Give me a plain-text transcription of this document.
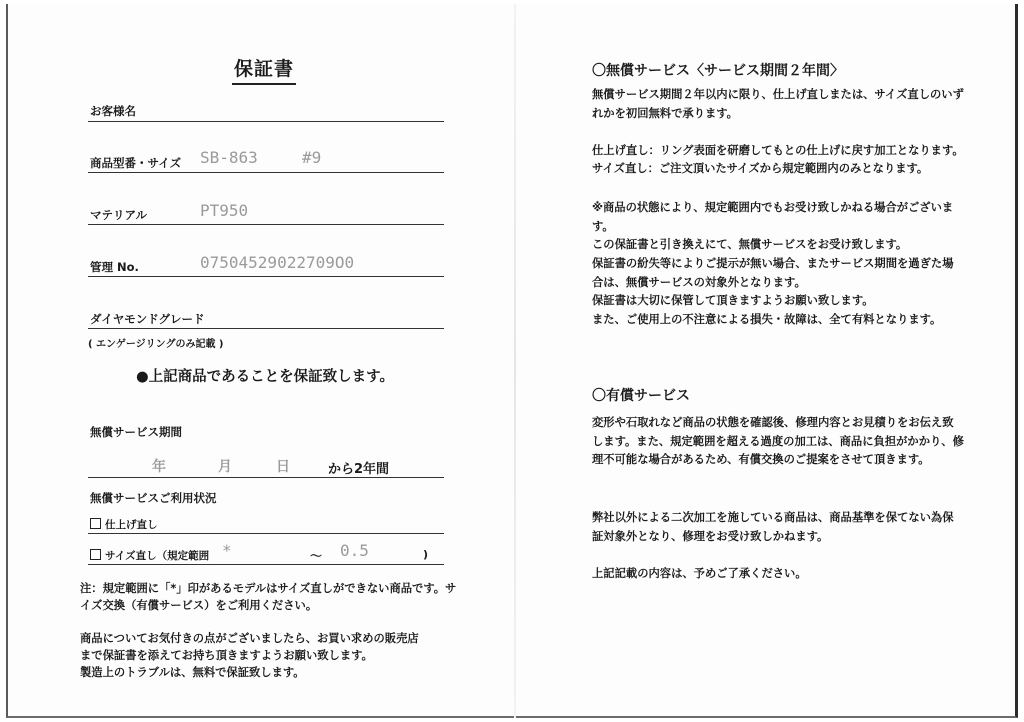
保証書
お客様名
商品型番・サイズ SB-863	#9
マテリアル	PT950
管理 No.	07504529022709O0
ダイヤモンドグレード
( エンゲージリングのみ記載 )
●上記商品であることを保証致します。
無償サービス期間
年	月	日	から2年間
無償サービスご利用状況
仕上げ直し
サイズ直し（規定範囲 *	〜 0.5	)
注：規定範囲に「*」印があるモデルはサイズ直しができない商品です。サイズ交換（有償サービス）をご利用ください。
商品についてお気付きの点がございましたら、お買い求めの販売店
まで保証書を添えてお持ち頂きますようお願い致します。
製造上のトラブルは、無料で保証致します。
〇無償サービス〈サービス期間２年間〉
無償サービス期間２年以内に限り、仕上げ直しまたは、サイズ直しのいずれかを初回無料で承ります。
仕上げ直し：リング表面を研磨してもとの仕上げに戻す加工となります。
サイズ直し：ご注文頂いたサイズから規定範囲内のみとなります。
※商品の状態により、規定範囲内でもお受け致しかねる場合がございます。
この保証書と引き換えにて、無償サービスをお受け致します。
保証書の紛失等によりご提示が無い場合、またサービス期間を過ぎた場合は、無償サービスの対象外となります。
保証書は大切に保管して頂きますようお願い致します。
また、ご使用上の不注意による損失・故障は、全て有料となります。
〇有償サービス
変形や石取れなど商品の状態を確認後、修理内容とお見積りをお伝え致します。また、規定範囲を超える過度の加工は、商品に負担がかかり、修理不可能な場合があるため、有償交換のご提案をさせて頂きます。
弊社以外による二次加工を施している商品は、商品基準を保てない為保証対象外となり、修理をお受け致しかねます。
上記記載の内容は、予めご了承ください。
